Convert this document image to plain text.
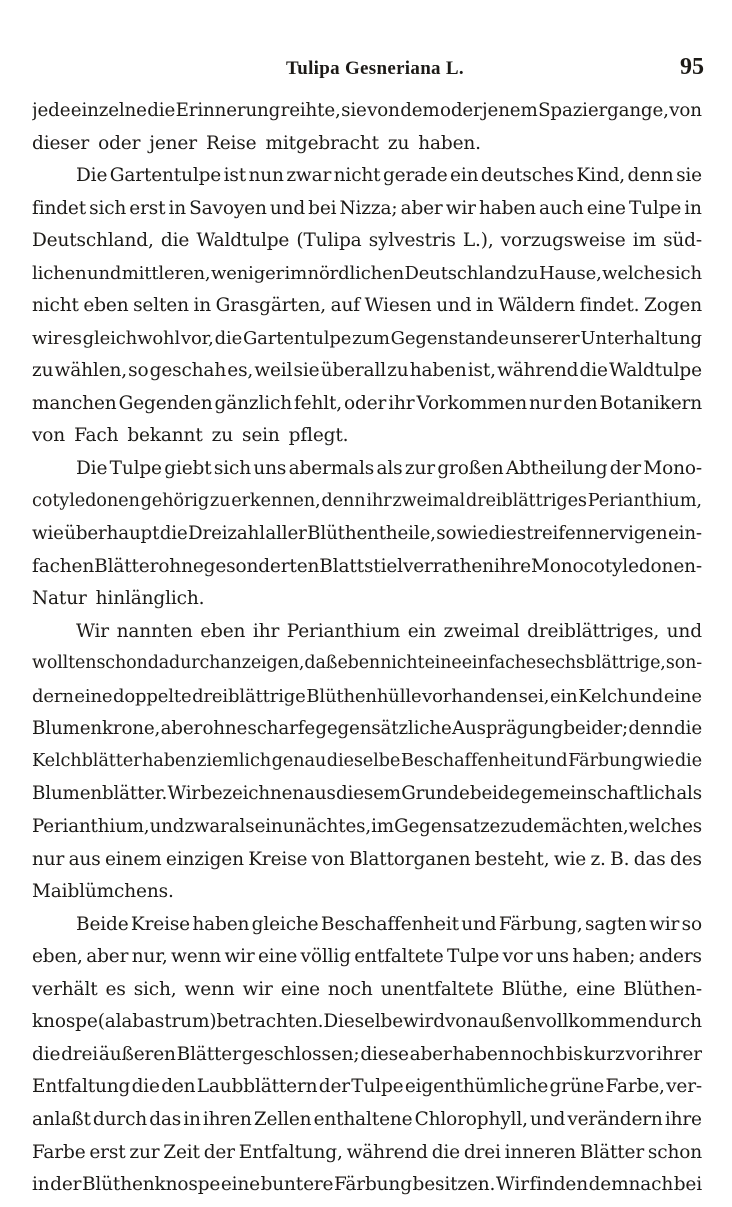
Tulipa Gesneriana L.	95
jede einzelne die Erinnerung reihte, sie von dem oder jenem Spaziergange, von
dieser oder jener Reise mitgebracht zu haben.
Die Gartentulpe ist nun zwar nicht gerade ein deutsches Kind, denn sie
findet sich erst in Savoyen und bei Nizza; aber wir haben auch eine Tulpe in
Deutschland, die Waldtulpe (Tulipa sylvestris L.), vorzugsweise im süd-
lichen und mittleren, weniger im nördlichen Deutschland zu Hause, welche sich
nicht eben selten in Grasgärten, auf Wiesen und in Wäldern findet. Zogen
wir es gleichwohl vor, die Gartentulpe zum Gegenstande unserer Unterhaltung
zu wählen, so geschah es, weil sie überall zu haben ist, während die Waldtulpe
manchen Gegenden gänzlich fehlt, oder ihr Vorkommen nur den Botanikern
von Fach bekannt zu sein pflegt.
Die Tulpe giebt sich uns abermals als zur großen Abtheilung der Mono-
cotyledonen gehörig zu erkennen, denn ihr zweimal dreiblättriges Perianthium,
wie überhaupt die Dreizahl aller Blüthentheile, sowie die streifennervigen ein-
fachen Blätter ohne gesonderten Blattstiel verrathen ihre Monocotyledonen-
Natur hinlänglich.
Wir nannten eben ihr Perianthium ein zweimal dreiblättriges, und
wollten schon dadurch anzeigen, daß eben nicht eine einfache sechsblättrige, son-
dern eine doppelte dreiblättrige Blüthenhülle vorhanden sei, ein Kelch und eine
Blumenkrone, aber ohne scharfe gegensätzliche Ausprägung beider; denn die
Kelchblätter haben ziemlich genau dieselbe Beschaffenheit und Färbung wie die
Blumenblätter. Wir bezeichnen aus diesem Grunde beide gemeinschaftlich als
Perianthium, und zwar als ein unächtes, im Gegensatze zu dem ächten, welches
nur aus einem einzigen Kreise von Blattorganen besteht, wie z. B. das des
Maiblümchens.
Beide Kreise haben gleiche Beschaffenheit und Färbung, sagten wir so
eben, aber nur, wenn wir eine völlig entfaltete Tulpe vor uns haben; anders
verhält es sich, wenn wir eine noch unentfaltete Blüthe, eine Blüthen-
knospe (alabastrum) betrachten. Dieselbe wird von außen vollkommen durch
die drei äußeren Blätter geschlossen; diese aber haben noch bis kurz vor ihrer
Entfaltung die den Laubblättern der Tulpe eigenthümliche grüne Farbe, ver-
anlaßt durch das in ihren Zellen enthaltene Chlorophyll, und verändern ihre
Farbe erst zur Zeit der Entfaltung, während die drei inneren Blätter schon
in der Blüthenknospe eine buntere Färbung besitzen. Wir finden demnach bei
